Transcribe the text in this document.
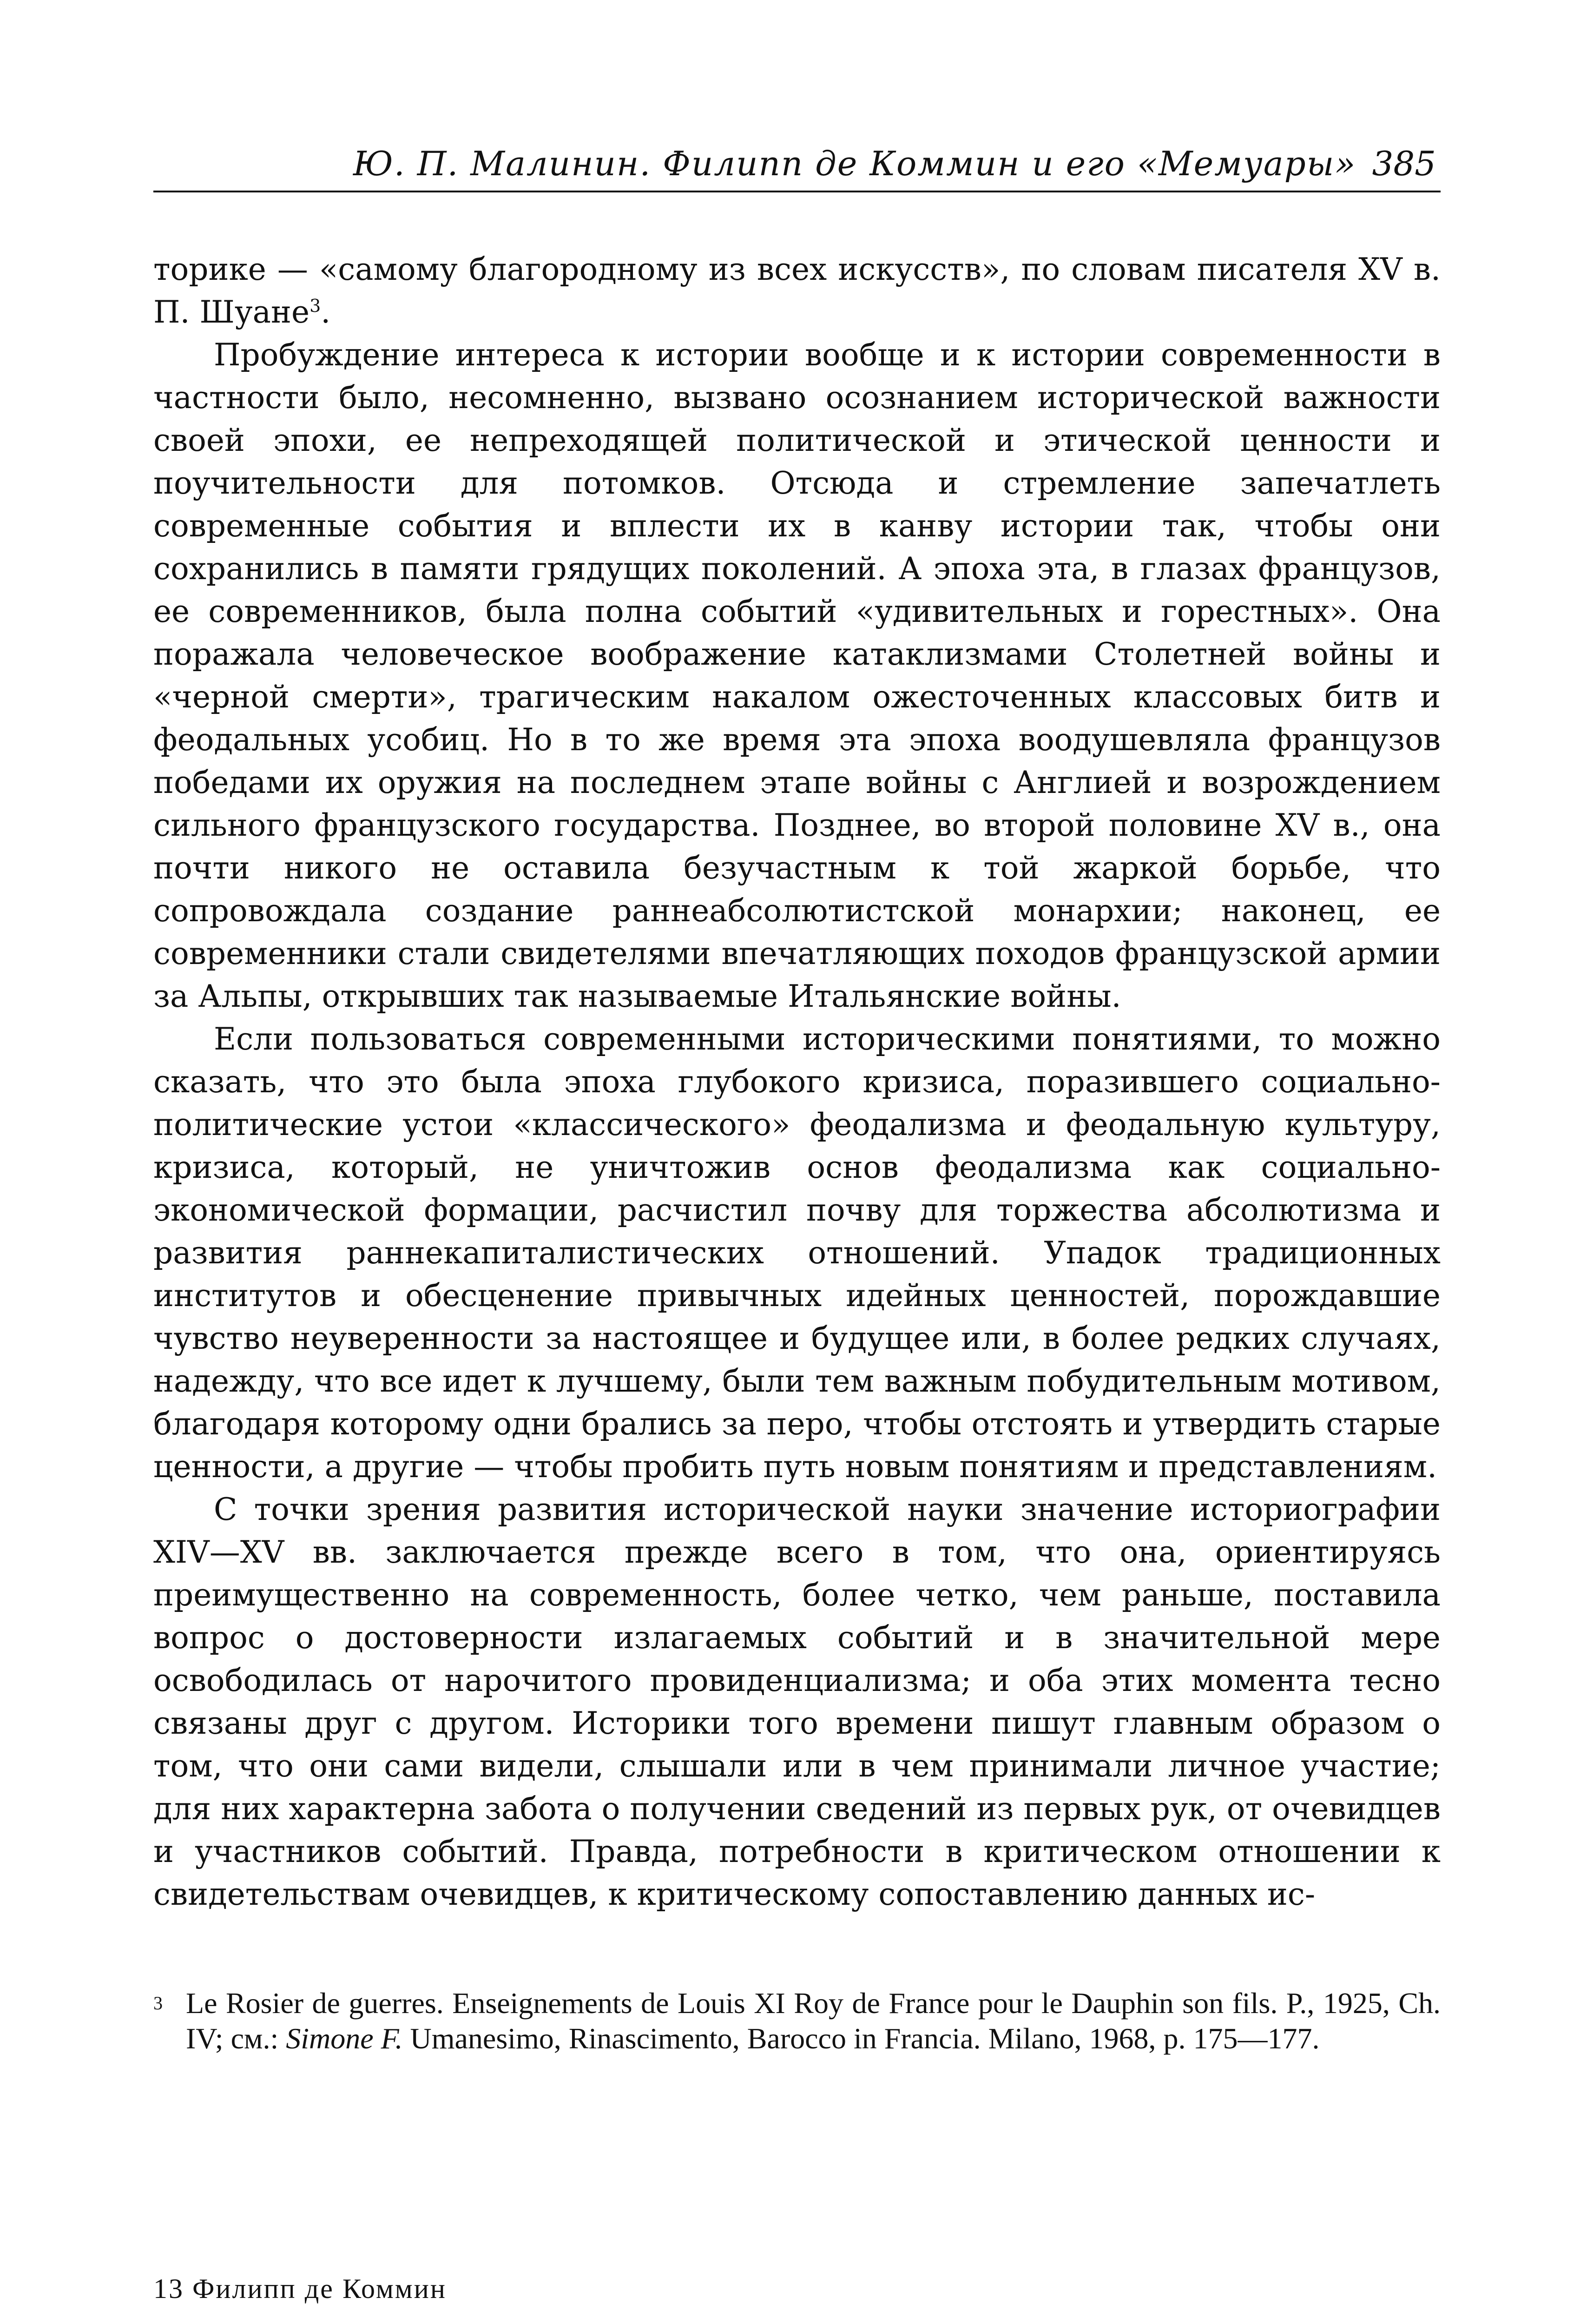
Ю. П. Малинин. Филипп де Коммин и его «Мемуары» 385

торике — «самому благородному из всех искусств», по словам писателя XV в. П. Шуане$^3$.

Пробуждение интереса к истории вообще и к истории современности в частности было, несомненно, вызвано осознанием исторической важности своей эпохи, ее непреходящей политической и этической ценности и поучительности для потомков. Отсюда и стремление запечатлеть современные события и вплести их в канву истории так, чтобы они сохранились в памяти грядущих поколений. А эпоха эта, в глазах французов, ее современников, была полна событий «удивительных и горестных». Она поражала человеческое воображение катаклизмами Столетней войны и «черной смерти», трагическим накалом ожесточенных классовых битв и феодальных усобиц. Но в то же время эта эпоха воодушевляла французов победами их оружия на последнем этапе войны с Англией и возрождением сильного французского государства. Позднее, во второй половине XV в., она почти никого не оставила безучастным к той жаркой борьбе, что сопровождала создание раннеабсолютистской монархии; наконец, ее современники стали свидетелями впечатляющих походов французской армии за Альпы, открывших так называемые Итальянские войны.

Если пользоваться современными историческими понятиями, то можно сказать, что это была эпоха глубокого кризиса, поразившего социально-политические устои «классического» феодализма и феодальную культуру, кризиса, который, не уничтожив основ феодализма как социально-экономической формации, расчистил почву для торжества абсолютизма и развития раннекапиталистических отношений. Упадок традиционных институтов и обесценение привычных идейных ценностей, порождавшие чувство неуверенности за настоящее и будущее или, в более редких случаях, надежду, что все идет к лучшему, были тем важным побудительным мотивом, благодаря которому одни брались за перо, чтобы отстоять и утвердить старые ценности, а другие — чтобы пробить путь новым понятиям и представлениям.

С точки зрения развития исторической науки значение историографии XIV—XV вв. заключается прежде всего в том, что она, ориентируясь преимущественно на современность, более четко, чем раньше, поставила вопрос о достоверности излагаемых событий и в значительной мере освободилась от нарочитого провиденциализма; и оба этих момента тесно связаны друг с другом. Историки того времени пишут главным образом о том, что они сами видели, слышали или в чем принимали личное участие; для них характерна забота о получении сведений из первых рук, от очевидцев и участников событий. Правда, потребности в критическом отношении к свидетельствам очевидцев, к критическому сопоставлению данных ис-

3 Le Rosier de guerres. Enseignements de Louis XI Roy de France pour le Dauphin son fils. P., 1925, Ch. IV; см.: Simone F. Umanesimo, Rinascimento, Barocco in Francia. Milano, 1968, p. 175—177.

13 Филипп де Коммин
